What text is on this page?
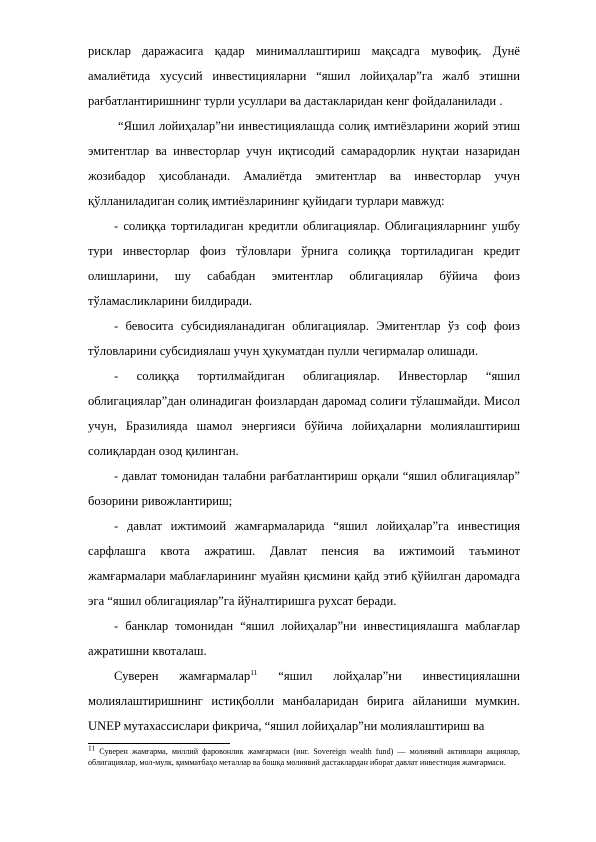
рисклар даражасига қадар минималлаштириш мақсадга мувофиқ. Дунё амалиётида хусусий инвестицияларни “яшил лойиҳалар”га жалб этишни рағбатлантиришнинг турли усуллари ва дастакларидан кенг фойдаланилади .

“Яшил лойиҳалар”ни инвестициялашда солиқ имтиёзларини жорий этиш эмитентлар ва инвесторлар учун иқтисодий самарадорлик нуқтаи назаридан жозибадор ҳисобланади. Амалиётда эмитентлар ва инвесторлар учун қўлланиладиган солиқ имтиёзларининг қуйидаги турлари мавжуд:

- солиққа тортиладиган кредитли облигациялар. Облигацияларнинг ушбу тури инвесторлар фоиз тўловлари ўрнига солиққа тортиладиган кредит олишларини, шу сабабдан эмитентлар облигациялар бўйича фоиз тўламасликларини билдиради.

- бевосита субсидияланадиган облигациялар. Эмитентлар ўз соф фоиз тўловларини субсидиялаш учун ҳукуматдан пулли чегирмалар олишади.

- солиққа тортилмайдиган облигациялар. Инвесторлар “яшил облигациялар”дан олинадиган фоизлардан даромад солиғи тўлашмайди. Мисол учун, Бразилияда шамол энергияси бўйича лойиҳаларни молиялаштириш солиқлардан озод қилинган.

- давлат томонидан талабни рағбатлантириш орқали “яшил облигациялар” бозорини ривожлантириш;

- давлат ижтимоий жамғармаларида “яшил лойиҳалар”га инвестиция сарфлашга квота ажратиш. Давлат пенсия ва ижтимоий таъминот жамғармалари маблағларининг муайян қисмини қайд этиб қўйилган даромадга эга “яшил облигациялар”га йўналтиришга рухсат беради.

- банклар томонидан “яшил лойиҳалар”ни инвестициялашга маблағлар ажратишни квоталаш.

Суверен жамғармалар$^{11}$ “яшил лойҳалар”ни инвестициялашни молиялаштиришнинг истиқболли манбаларидан бирига айланиши мумкин. UNEP мутахассислари фикрича, “яшил лойиҳалар”ни молиялаштириш ва

$^{11}$ Суверен жамғарма, миллий фаровонлик жамғармаси (инг. Sovereign wealth fund) — молиявий активлари акциялар, облигациялар, мол-мулк, қимматбаҳо металлар ва бошқа молиявий дастаклардан иборат давлат инвестиция жамғармаси.
